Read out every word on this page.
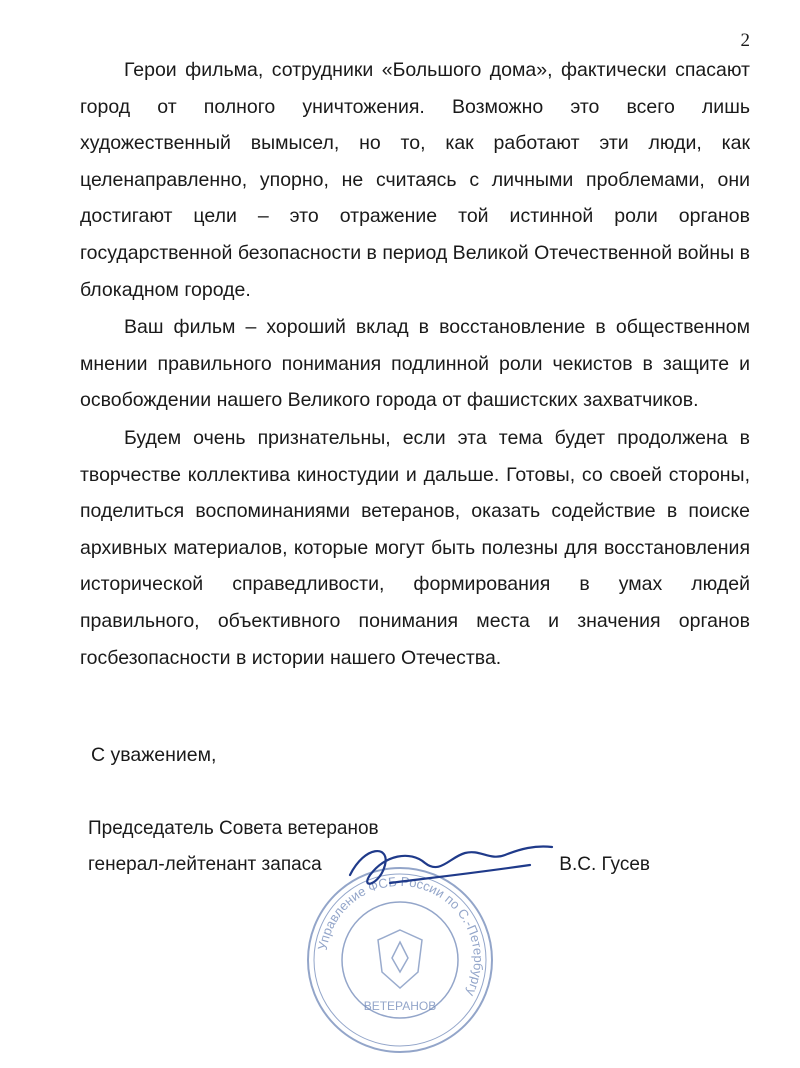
2

Герои фильма, сотрудники «Большого дома», фактически спасают город от полного уничтожения. Возможно это всего лишь художественный вымысел, но то, как работают эти люди, как целенаправленно, упорно, не считаясь с личными проблемами, они достигают цели – это отражение той истинной роли органов государственной безопасности в период Великой Отечественной войны в блокадном городе.

Ваш фильм – хороший вклад в восстановление в общественном мнении правильного понимания подлинной роли чекистов в защите и освобождении нашего Великого города от фашистских захватчиков.

Будем очень признательны, если эта тема будет продолжена в творчестве коллектива киностудии и дальше. Готовы, со своей стороны, поделиться воспоминаниями ветеранов, оказать содействие в поиске архивных материалов, которые могут быть полезны для восстановления исторической справедливости, формирования в умах людей правильного, объективного понимания места и значения органов госбезопасности в истории нашего Отечества.

С уважением,
Председатель Совета ветеранов
генерал-лейтенант запаса	В.С. Гусев
Управление ФСБ России по С.-Петербургу
ВЕТЕРАНОВ
